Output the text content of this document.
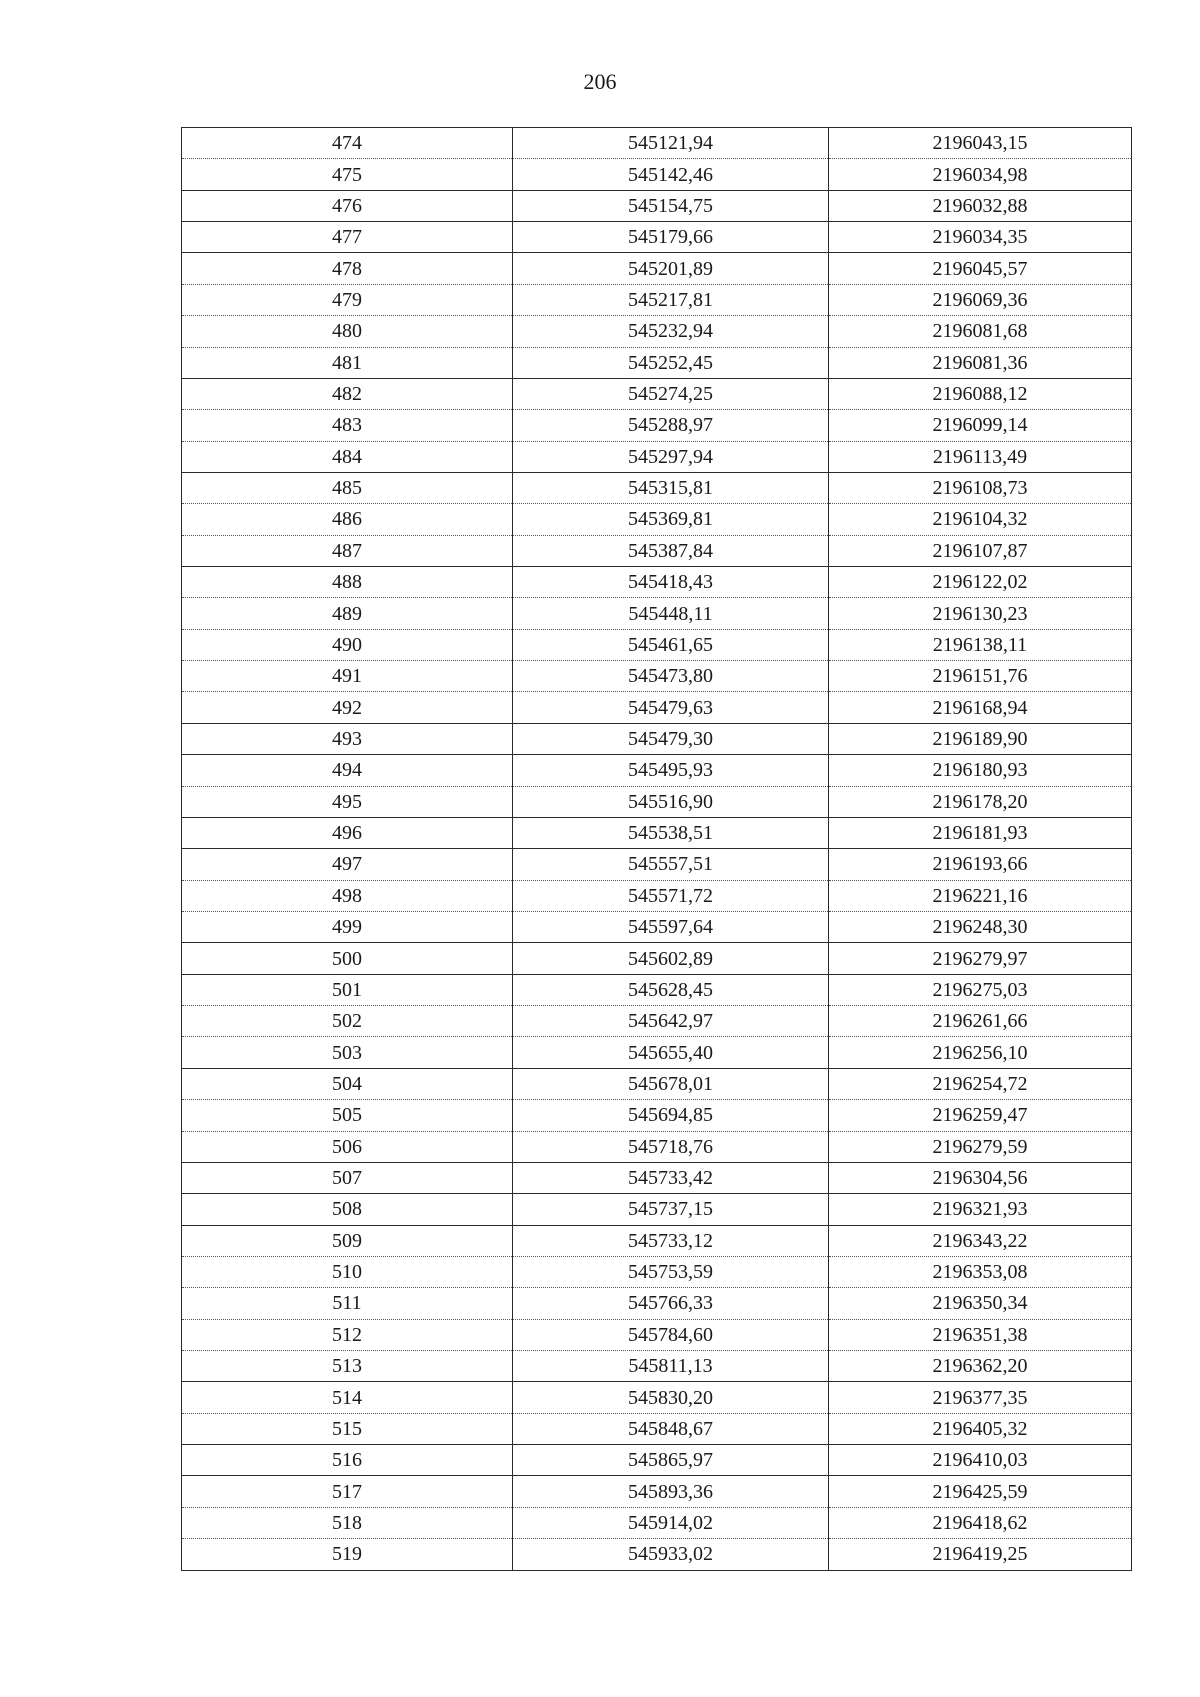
206
474	545121,94	2196043,15
475	545142,46	2196034,98
476	545154,75	2196032,88
477	545179,66	2196034,35
478	545201,89	2196045,57
479	545217,81	2196069,36
480	545232,94	2196081,68
481	545252,45	2196081,36
482	545274,25	2196088,12
483	545288,97	2196099,14
484	545297,94	2196113,49
485	545315,81	2196108,73
486	545369,81	2196104,32
487	545387,84	2196107,87
488	545418,43	2196122,02
489	545448,11	2196130,23
490	545461,65	2196138,11
491	545473,80	2196151,76
492	545479,63	2196168,94
493	545479,30	2196189,90
494	545495,93	2196180,93
495	545516,90	2196178,20
496	545538,51	2196181,93
497	545557,51	2196193,66
498	545571,72	2196221,16
499	545597,64	2196248,30
500	545602,89	2196279,97
501	545628,45	2196275,03
502	545642,97	2196261,66
503	545655,40	2196256,10
504	545678,01	2196254,72
505	545694,85	2196259,47
506	545718,76	2196279,59
507	545733,42	2196304,56
508	545737,15	2196321,93
509	545733,12	2196343,22
510	545753,59	2196353,08
511	545766,33	2196350,34
512	545784,60	2196351,38
513	545811,13	2196362,20
514	545830,20	2196377,35
515	545848,67	2196405,32
516	545865,97	2196410,03
517	545893,36	2196425,59
518	545914,02	2196418,62
519	545933,02	2196419,25
